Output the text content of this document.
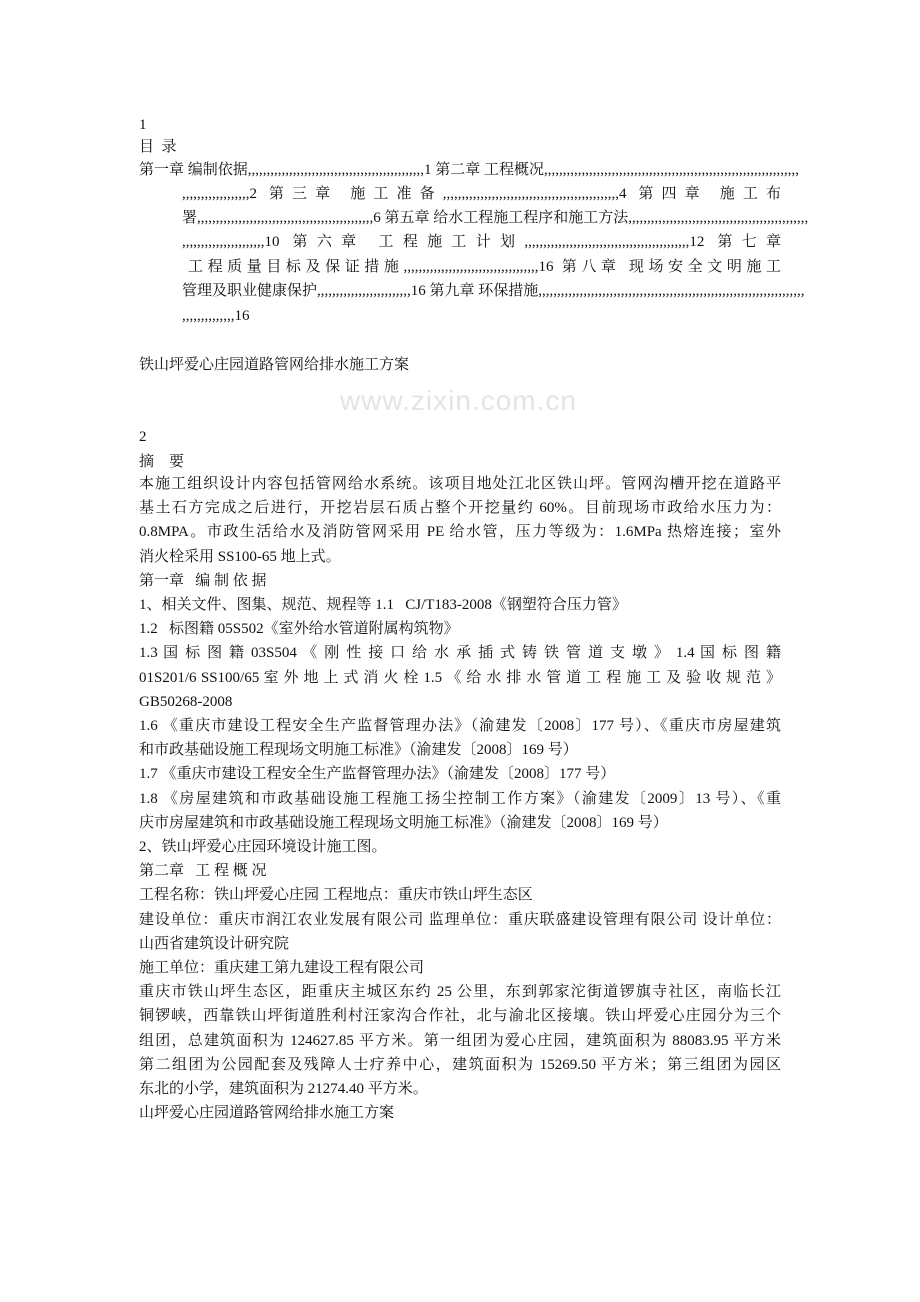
www.zixin.com.cn
1
目  录
第一章 编制依据,,,,,,,,,,,,,,,,,,,,,,,,,,,,,,,,,,,,,,,,,,,,,,,1 第二章 工程概况,,,,,,,,,,,,,,,,,,,,,,,,,,,,,,,,,,,,,,,,,,,,,,,,,,,,,,,,,,,,,,,,,,,,
,,,,,,,,,,,,,,,,,,2 第三章 施工准备,,,,,,,,,,,,,,,,,,,,,,,,,,,,,,,,,,,,,,,,,,,,,,,4 第四章 施工布
署,,,,,,,,,,,,,,,,,,,,,,,,,,,,,,,,,,,,,,,,,,,,,,,6 第五章 给水工程施工程序和施工方法,,,,,,,,,,,,,,,,,,,,,,,,,,,,,,,,,,,,,,,,,,,,,,,,
,,,,,,,,,,,,,,,,,,,,,,10 第六章 工程施工计划,,,,,,,,,,,,,,,,,,,,,,,,,,,,,,,,,,,,,,,,,,,,12 第七章
工程质量目标及保证措施,,,,,,,,,,,,,,,,,,,,,,,,,,,,,,,,,,,,16 第八章 现场安全文明施工
管理及职业健康保护,,,,,,,,,,,,,,,,,,,,,,,,,16 第九章 环保措施,,,,,,,,,,,,,,,,,,,,,,,,,,,,,,,,,,,,,,,,,,,,,,,,,,,,,,,,,,,,,,,,,,,,,,,
,,,,,,,,,,,,,,16
铁山坪爱心庄园道路管网给排水施工方案
2
摘    要
本施工组织设计内容包括管网给水系统。该项目地处江北区铁山坪。管网沟槽开挖在道路平
基土石方完成之后进行，开挖岩层石质占整个开挖量约 60%。目前现场市政给水压力为：
0.8MPA。市政生活给水及消防管网采用 PE 给水管，压力等级为：1.6MPa 热熔连接；室外
消火栓采用 SS100-65 地上式。
第一章   编 制 依 据
1、相关文件、图集、规范、规程等 1.1   CJ/T183-2008《钢塑符合压力管》
1.2   标图籍 05S502《室外给水管道附属构筑物》
1.3 国 标 图 籍 03S504 《 刚 性 接 口 给 水 承 插 式 铸 铁 管 道 支 墩 》 1.4 国 标 图 籍
01S201/6 SS100/65 室 外 地 上 式 消 火 栓 1.5 《 给 水 排 水 管 道 工 程 施 工 及 验 收 规 范 》
GB50268-2008
1.6 《重庆市建设工程安全生产监督管理办法》（渝建发〔2008〕177 号）、《重庆市房屋建筑
和市政基础设施工程现场文明施工标准》（渝建发〔2008〕169 号）
1.7 《重庆市建设工程安全生产监督管理办法》（渝建发〔2008〕177 号）
1.8 《房屋建筑和市政基础设施工程施工扬尘控制工作方案》（渝建发〔2009〕13 号）、《重
庆市房屋建筑和市政基础设施工程现场文明施工标准》（渝建发〔2008〕169 号）
2、铁山坪爱心庄园环境设计施工图。
第二章   工 程 概 况
工程名称：铁山坪爱心庄园 工程地点：重庆市铁山坪生态区
建设单位：重庆市润江农业发展有限公司 监理单位：重庆联盛建设管理有限公司 设计单位：
山西省建筑设计研究院
施工单位：重庆建工第九建设工程有限公司
重庆市铁山坪生态区，距重庆主城区东约 25 公里，东到郭家沱街道锣旗寺社区，南临长江
铜锣峡，西靠铁山坪街道胜利村汪家沟合作社，北与渝北区接壤。铁山坪爱心庄园分为三个
组团，总建筑面积为 124627.85 平方米。第一组团为爱心庄园，建筑面积为 88083.95 平方米
第二组团为公园配套及残障人士疗养中心，建筑面积为 15269.50 平方米；第三组团为园区
东北的小学，建筑面积为 21274.40 平方米。
山坪爱心庄园道路管网给排水施工方案
